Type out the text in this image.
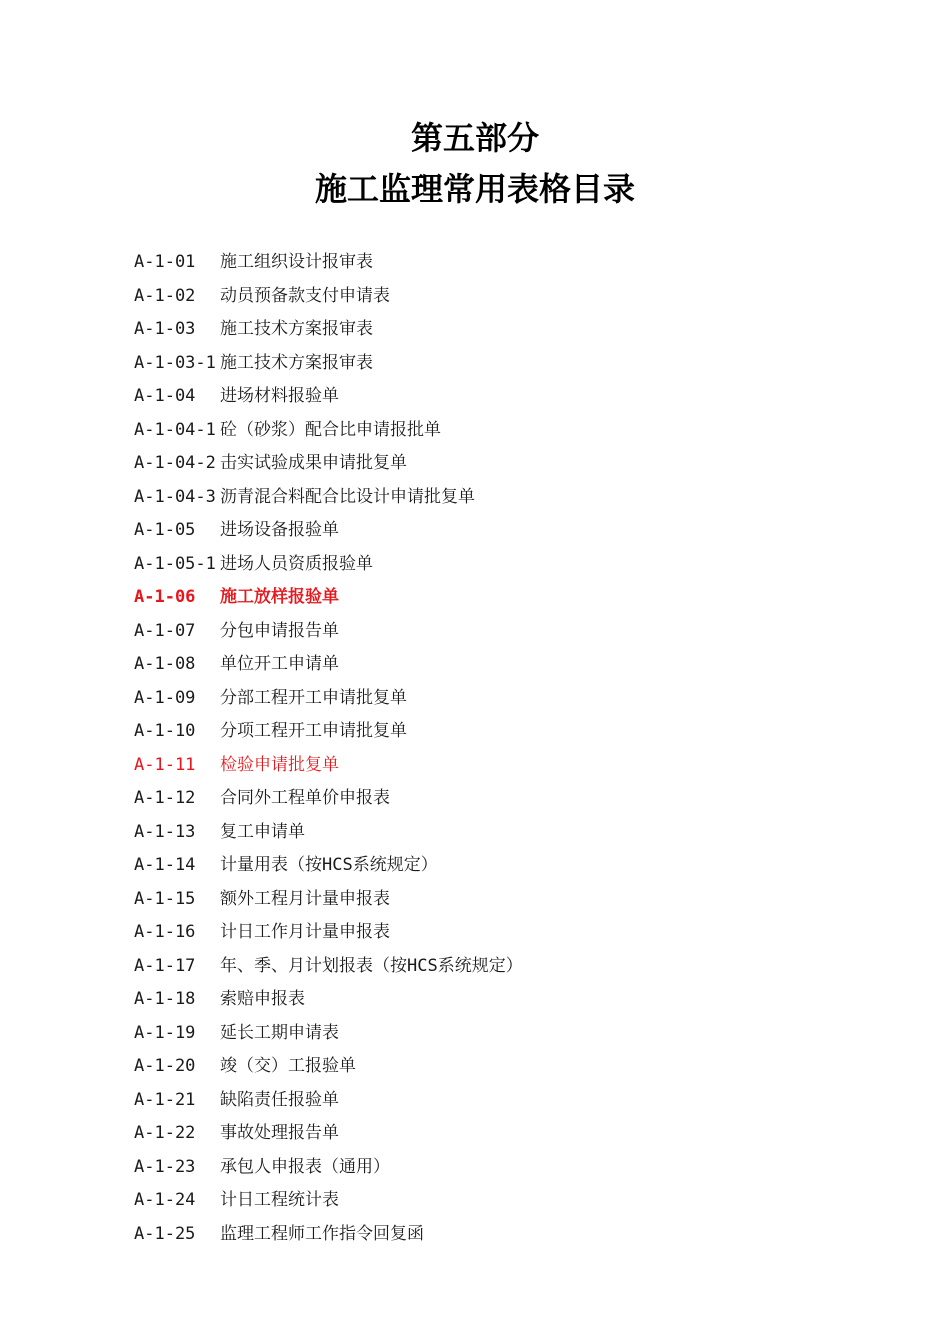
第五部分
施工监理常用表格目录
A-1-01 施工组织设计报审表
A-1-02 动员预备款支付申请表
A-1-03 施工技术方案报审表
A-1-03-1 施工技术方案报审表
A-1-04 进场材料报验单
A-1-04-1 砼（砂浆）配合比申请报批单
A-1-04-2 击实试验成果申请批复单
A-1-04-3 沥青混合料配合比设计申请批复单
A-1-05 进场设备报验单
A-1-05-1 进场人员资质报验单
A-1-06 施工放样报验单
A-1-07 分包申请报告单
A-1-08 单位开工申请单
A-1-09 分部工程开工申请批复单
A-1-10 分项工程开工申请批复单
A-1-11 检验申请批复单
A-1-12 合同外工程单价申报表
A-1-13 复工申请单
A-1-14 计量用表（按HCS系统规定）
A-1-15 额外工程月计量申报表
A-1-16 计日工作月计量申报表
A-1-17 年、季、月计划报表（按HCS系统规定）
A-1-18 索赔申报表
A-1-19 延长工期申请表
A-1-20 竣（交）工报验单
A-1-21 缺陷责任报验单
A-1-22 事故处理报告单
A-1-23 承包人申报表（通用）
A-1-24 计日工程统计表
A-1-25 监理工程师工作指令回复函
